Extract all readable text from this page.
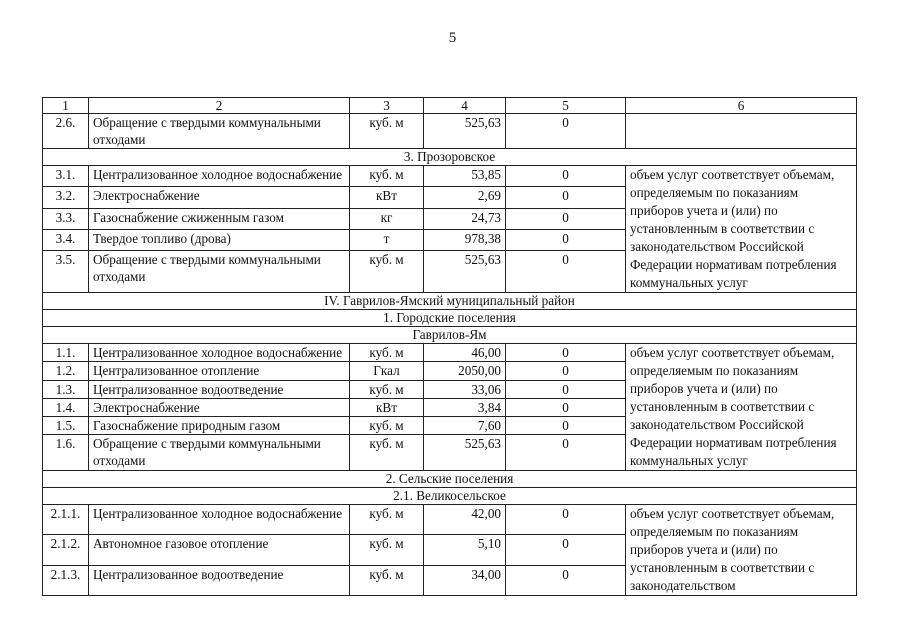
5
1	2	3	4	5	6
2.6.	Обращение с твердыми коммунальными отходами	куб. м	525,63	0	
3. Прозоровское					
3.1.	Централизованное холодное водоснабжение	куб. м	53,85	0	объем услуг соответствует объемам, определяемым по показаниям приборов учета и (или) по установленным в соответствии с законодательством Российской Федерации нормативам потребления коммунальных услуг
3.2.	Электроснабжение	кВт	2,69	0	
3.3.	Газоснабжение сжиженным газом	кг	24,73	0	
3.4.	Твердое топливо (дрова)	т	978,38	0	
3.5.	Обращение с твердыми коммунальными отходами	куб. м	525,63	0	
IV. Гаврилов-Ямский муниципальный район					
1. Городские поселения					
Гаврилов-Ям					
1.1.	Централизованное холодное водоснабжение	куб. м	46,00	0	объем услуг соответствует объемам, определяемым по показаниям приборов учета и (или) по установленным в соответствии с законодательством Российской Федерации нормативам потребления коммунальных услуг
1.2.	Централизованное отопление	Гкал	2050,00	0	
1.3.	Централизованное водоотведение	куб. м	33,06	0	
1.4.	Электроснабжение	кВт	3,84	0	
1.5.	Газоснабжение природным газом	куб. м	7,60	0	
1.6.	Обращение с твердыми коммунальными отходами	куб. м	525,63	0	
2. Сельские поселения					
2.1. Великосельское					
2.1.1.	Централизованное холодное водоснабжение	куб. м	42,00	0	объем услуг соответствует объемам, определяемым по показаниям приборов учета и (или) по установленным в соответствии с законодательством
2.1.2.	Автономное газовое отопление	куб. м	5,10	0	
2.1.3.	Централизованное водоотведение	куб. м	34,00	0	
